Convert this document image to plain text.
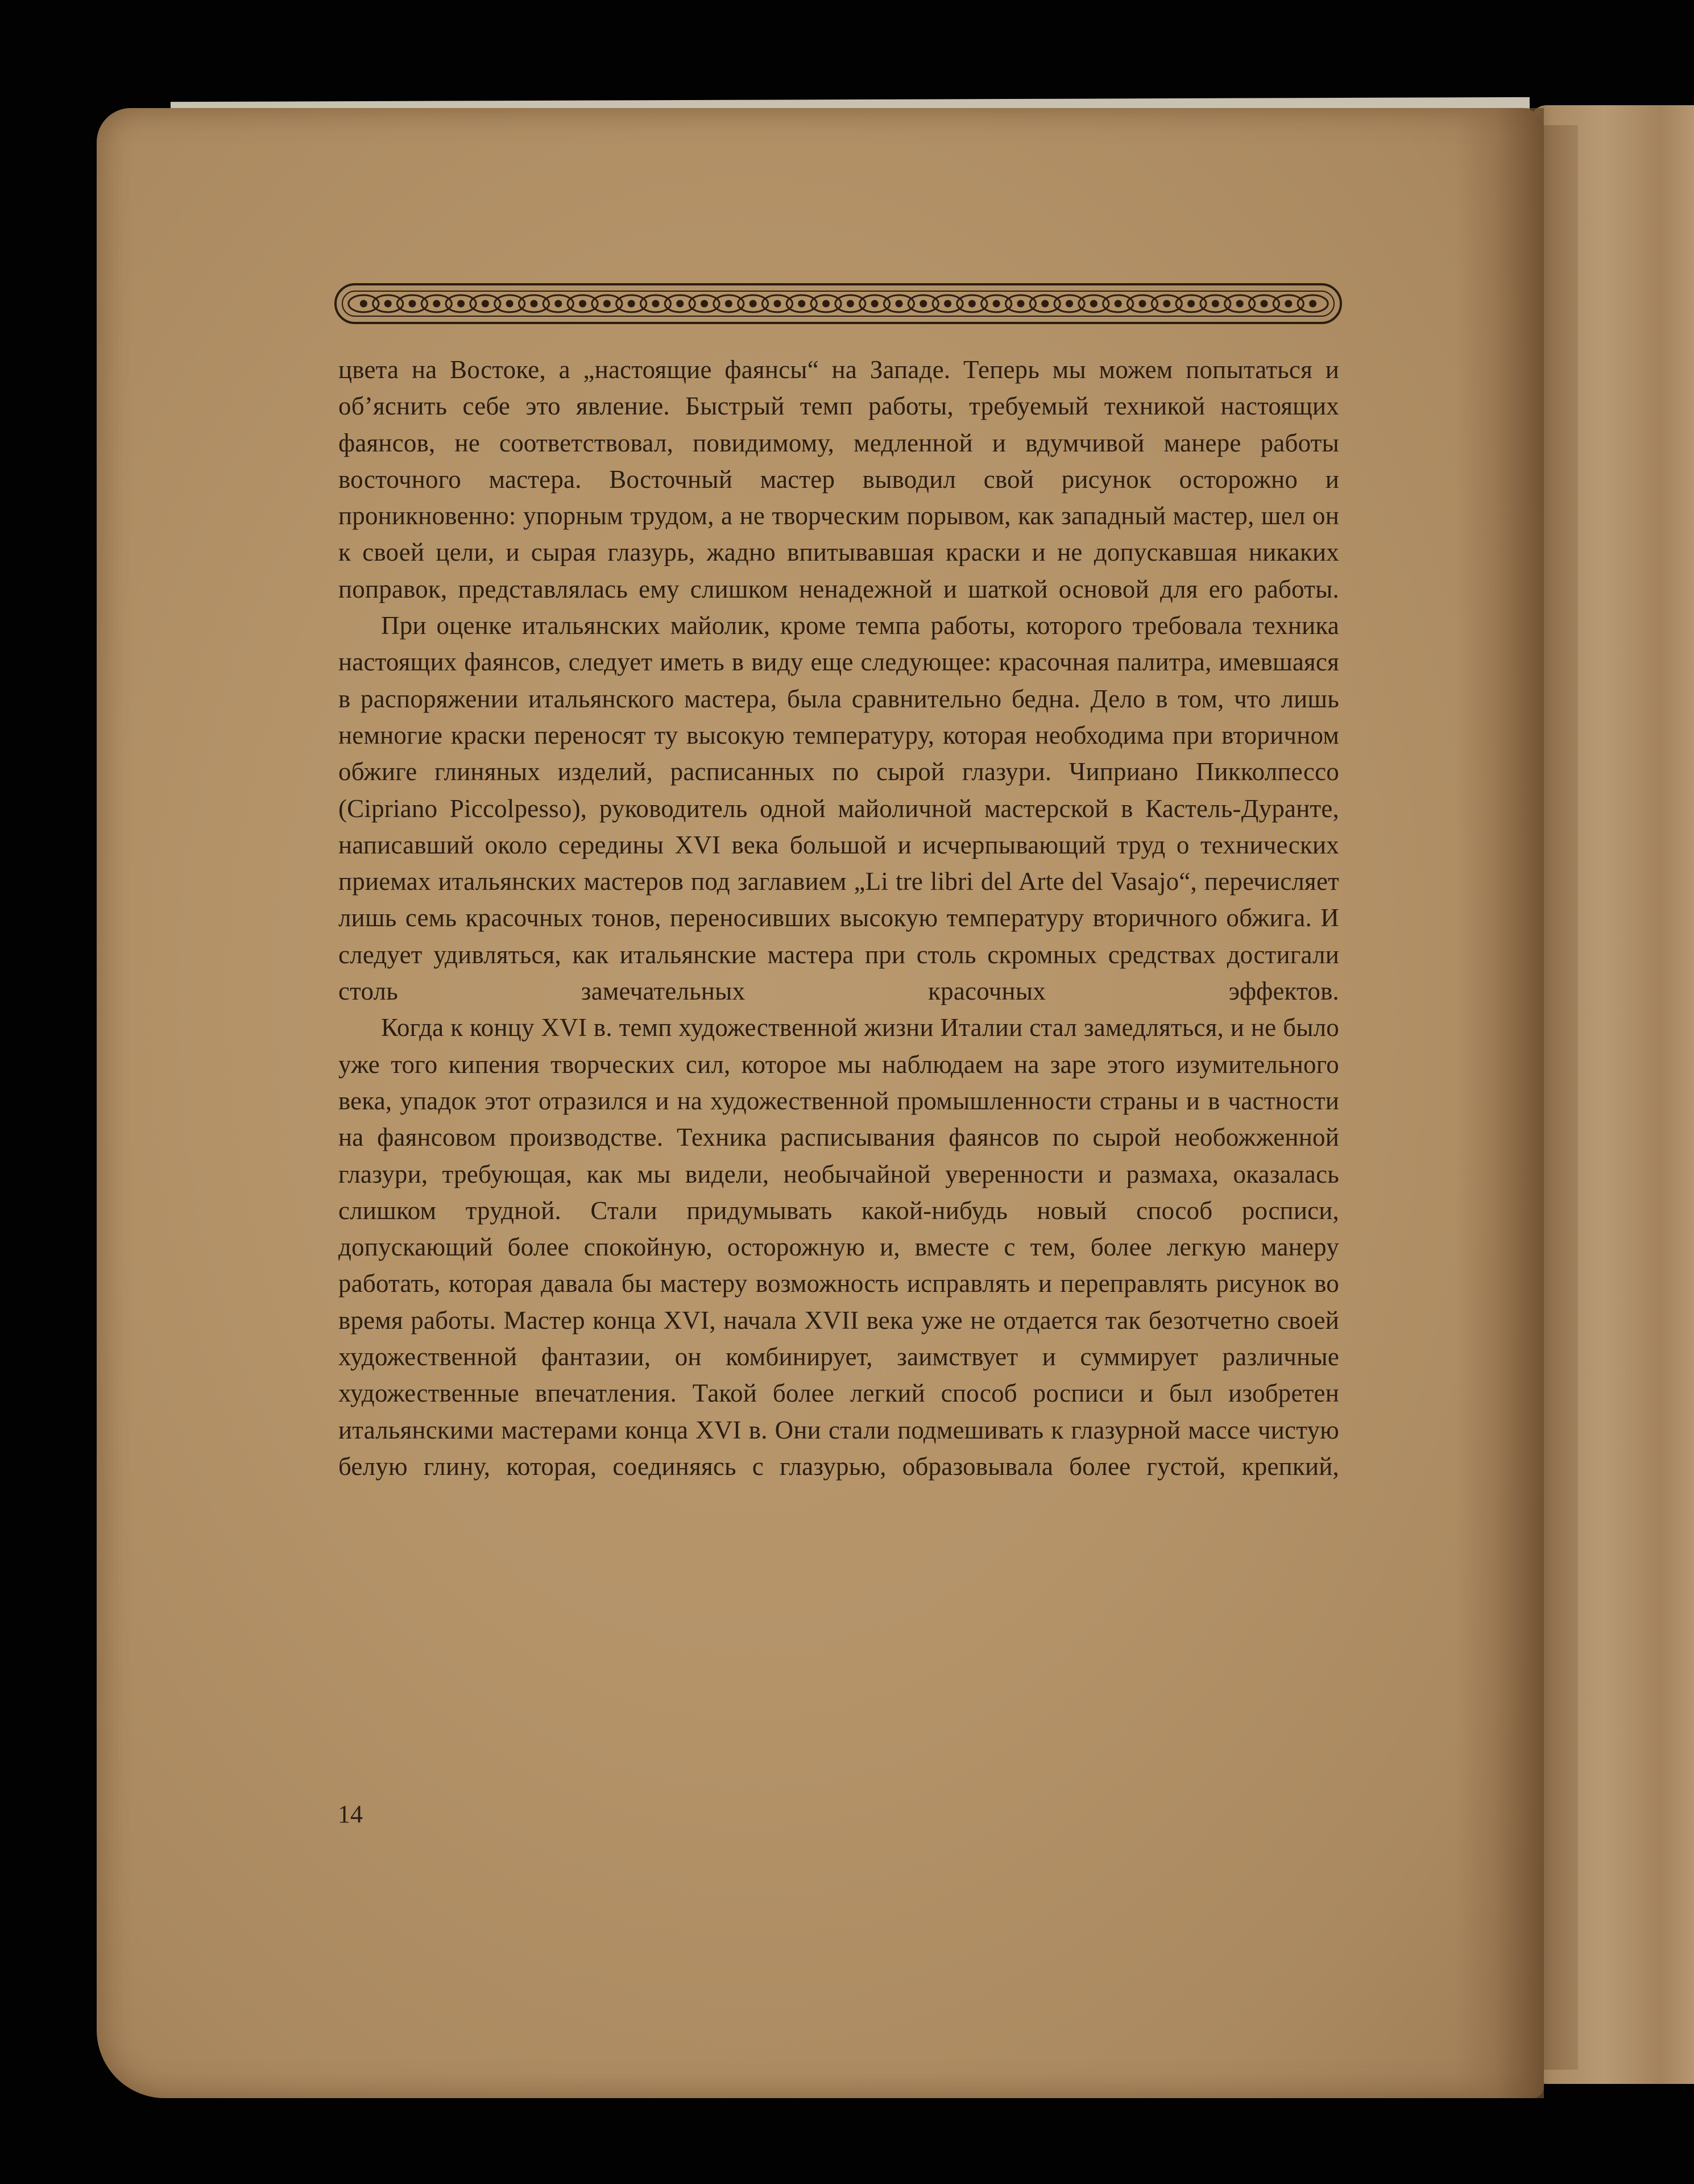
цвета на Востоке, а „настоящие фаянсы“ на Западе. Теперь мы можем попытаться и об’яснить себе это явление. Быстрый темп работы, требуемый техникой настоящих фаянсов, не соответствовал, повидимому, медленной и вдумчивой манере работы восточного мастера. Восточный мастер выводил свой рисунок осторожно и проникновенно: упорным трудом, а не творческим порывом, как западный мастер, шел он к своей цели, и сырая глазурь, жадно впитывавшая краски и не допускавшая никаких поправок, представлялась ему слишком ненадежной и шаткой основой для его работы.

При оценке итальянских майолик, кроме темпа работы, которого требовала техника настоящих фаянсов, следует иметь в виду еще следующее: красочная палитра, имевшаяся в распоряжении итальянского мастера, была сравнительно бедна. Дело в том, что лишь немногие краски переносят ту высокую температуру, которая необходима при вторичном обжиге глиняных изделий, расписанных по сырой глазури. Чиприано Пикколпессо (Cipriano Piccolpesso), руководитель одной майоличной мастерской в Кастель-Дуранте, написавший около середины XVI века большой и исчерпывающий труд о технических приемах итальянских мастеров под заглавием „Li tre libri del Arte del Vasajo“, перечисляет лишь семь красочных тонов, переносивших высокую температуру вторичного обжига. И следует удивляться, как итальянские мастера при столь скромных средствах достигали столь замечательных красочных эффектов.

Когда к концу XVI в. темп художественной жизни Италии стал замедляться, и не было уже того кипения творческих сил, которое мы наблюдаем на заре этого изумительного века, упадок этот отразился и на художественной промышленности страны и в частности на фаянсовом производстве. Техника расписывания фаянсов по сырой необожженной глазури, требующая, как мы видели, необычайной уверенности и размаха, оказалась слишком трудной. Стали придумывать какой-нибудь новый способ росписи, допускающий более спокойную, осторожную и, вместе с тем, более легкую манеру работать, которая давала бы мастеру возможность исправлять и переправлять рисунок во время работы. Мастер конца XVI, начала XVII века уже не отдается так безотчетно своей художественной фантазии, он комбинирует, заимствует и суммирует различные художественные впечатления. Такой более легкий способ росписи и был изобретен итальянскими мастерами конца XVI в. Они стали подмешивать к глазурной массе чистую белую глину, которая, соединяясь с глазурью, образовывала более густой, крепкий,

14
